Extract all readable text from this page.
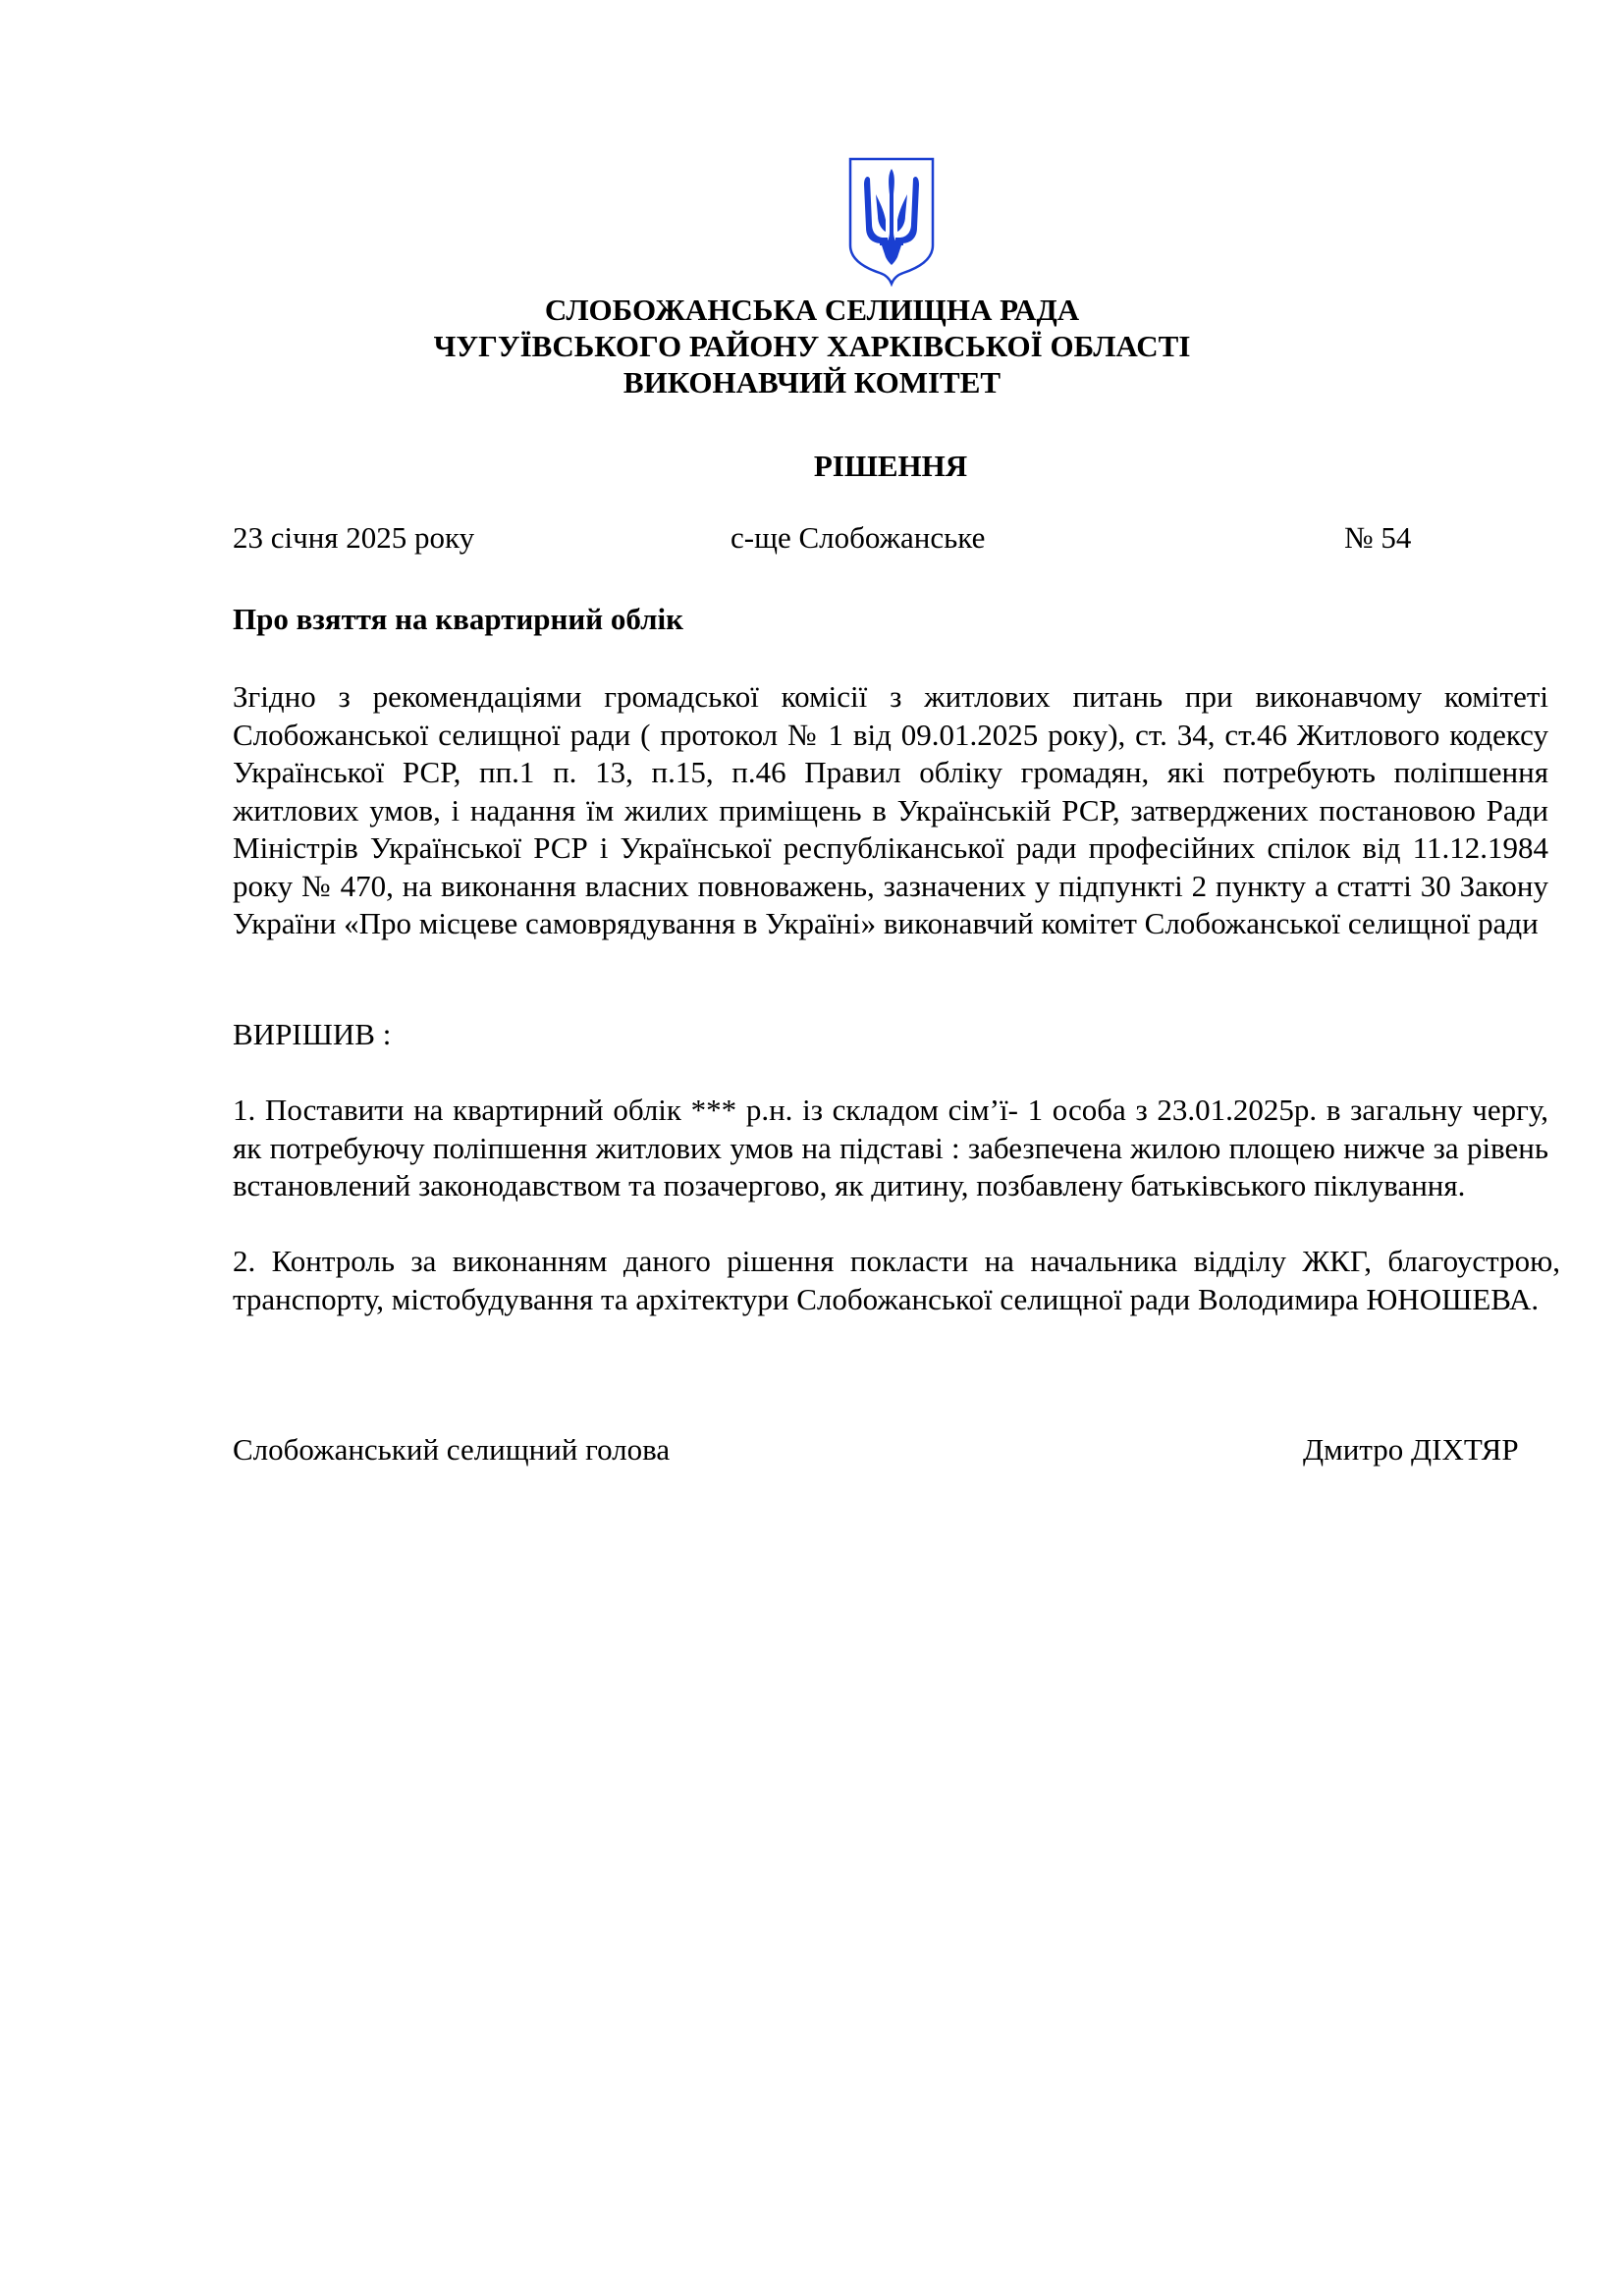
СЛОБОЖАНСЬКА СЕЛИЩНА РАДА
ЧУГУЇВСЬКОГО РАЙОНУ ХАРКІВСЬКОЇ ОБЛАСТІ
ВИКОНАВЧИЙ КОМІТЕТ
РІШЕННЯ
23 січня 2025 року	с-ще Слобожанське	№ 54
Про взяття на квартирний облік
Згідно з рекомендаціями громадської комісії з житлових питань при виконавчому комітеті Слобожанської селищної ради ( протокол № 1 від 09.01.2025 року), ст. 34, ст.46 Житлового кодексу Української РСР, пп.1 п. 13, п.15, п.46 Правил обліку громадян, які потребують поліпшення житлових умов, і надання їм жилих приміщень в Українській РСР, затверджених постановою Ради Міністрів Української РСР і Української республіканської ради професійних спілок від 11.12.1984 року № 470, на виконання власних повноважень, зазначених у підпункті 2 пункту а статті 30 Закону України «Про місцеве самоврядування в Україні» виконавчий комітет Слобожанської селищної ради
ВИРІШИВ :
1. Поставити на квартирний облік *** р.н. із складом сім’ї- 1 особа з 23.01.2025р. в загальну чергу, як потребуючу поліпшення житлових умов на підставі : забезпечена жилою площею нижче за рівень встановлений законодавством та позачергово, як дитину, позбавлену батьківського піклування.
2. Контроль за виконанням даного рішення покласти на начальника відділу ЖКГ, благоустрою, транспорту, містобудування та архітектури Слобожанської селищної ради Володимира ЮНОШЕВА.
Слобожанський селищний голова	Дмитро ДІХТЯР
